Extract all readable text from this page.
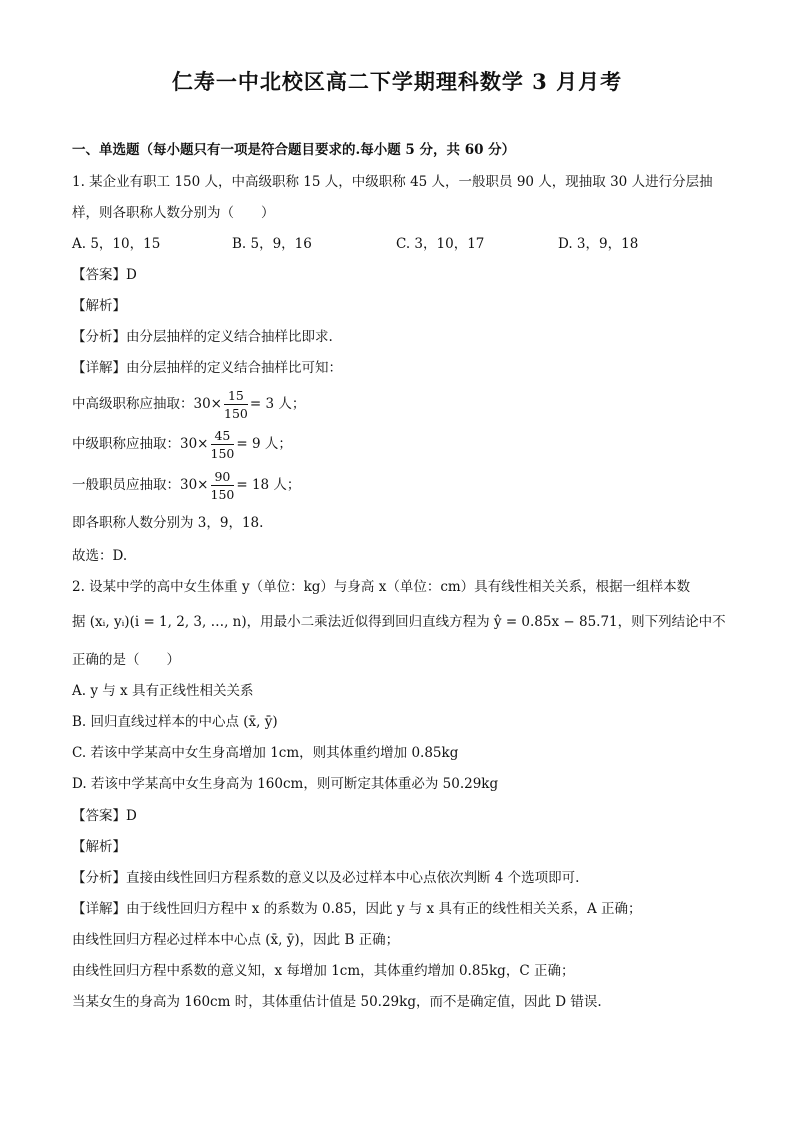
仁寿一中北校区高二下学期理科数学 3 月月考
一、单选题（每小题只有一项是符合题目要求的.每小题 5 分，共 60 分）
1. 某企业有职工 150 人，中高级职称 15 人，中级职称 45 人，一般职员 90 人，现抽取 30 人进行分层抽
样，则各职称人数分别为（　　）
A. 5，10，15	B. 5，9，16	C. 3，10，17	D. 3，9，18
【答案】D
【解析】
【分析】由分层抽样的定义结合抽样比即求.
【详解】由分层抽样的定义结合抽样比可知：
中高级职称应抽取：$30\times \frac{15}{150} = 3$ 人；
中级职称应抽取：$30\times \frac{45}{150} = 9$ 人；
一般职员应抽取：$30\times \frac{90}{150} = 18$ 人；
即各职称人数分别为 3，9，18.
故选：D.
2. 设某中学的高中女生体重 y（单位：kg）与身高 x（单位：cm）具有线性相关关系，根据一组样本数
据 (xᵢ, yᵢ)(i = 1, 2, 3, …, n)，用最小二乘法近似得到回归直线方程为 ŷ = 0.85x − 85.71，则下列结论中不
正确的是（　　）
A. y 与 x 具有正线性相关关系
B. 回归直线过样本的中心点 (x̄, ȳ)
C. 若该中学某高中女生身高增加 1cm，则其体重约增加 0.85kg
D. 若该中学某高中女生身高为 160cm，则可断定其体重必为 50.29kg
【答案】D
【解析】
【分析】直接由线性回归方程系数的意义以及必过样本中心点依次判断 4 个选项即可.
【详解】由于线性回归方程中 x 的系数为 0.85，因此 y 与 x 具有正的线性相关关系，A 正确；
由线性回归方程必过样本中心点 (x̄, ȳ)，因此 B 正确；
由线性回归方程中系数的意义知，x 每增加 1cm，其体重约增加 0.85kg，C 正确；
当某女生的身高为 160cm 时，其体重估计值是 50.29kg，而不是确定值，因此 D 错误.
